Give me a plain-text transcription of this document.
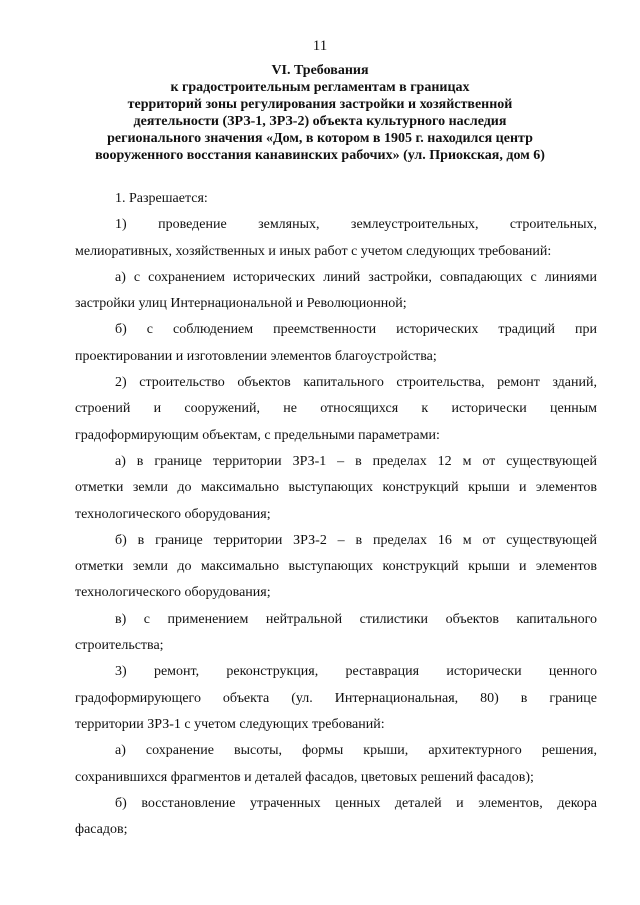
11
VI. Требования
к градостроительным регламентам в границах
территорий зоны регулирования застройки и хозяйственной
деятельности (ЗРЗ-1, ЗРЗ-2) объекта культурного наследия
регионального значения «Дом, в котором в 1905 г. находился центр
вооруженного восстания канавинских рабочих» (ул. Приокская, дом 6)
1. Разрешается:
1)   проведение   земляных,   землеустроительных,   строительных,
мелиоративных, хозяйственных и иных работ с учетом следующих требований:
а) с сохранением исторических линий застройки, совпадающих с линиями
застройки улиц Интернациональной и Революционной;
б)  с  соблюдением  преемственности  исторических  традиций  при
проектировании и изготовлении элементов благоустройства;
2) строительство объектов капитального строительства, ремонт зданий,
строений  и  сооружений,  не  относящихся  к  исторически  ценным
градоформирующим объектам, с предельными параметрами:
а) в границе территории ЗРЗ-1 – в пределах 12 м от существующей
отметки земли до максимально выступающих конструкций крыши и элементов
технологического оборудования;
б) в границе территории ЗРЗ-2 – в пределах 16 м от существующей
отметки земли до максимально выступающих конструкций крыши и элементов
технологического оборудования;
в)  с  применением  нейтральной  стилистики  объектов  капитального
строительства;
3)   ремонт,   реконструкция,   реставрация   исторически   ценного
градоформирующего  объекта  (ул.  Интернациональная,  80)  в  границе
территории ЗРЗ-1 с учетом следующих требований:
а)  сохранение  высоты,  формы  крыши,  архитектурного  решения,
сохранившихся фрагментов и деталей фасадов, цветовых решений фасадов);
б) восстановление утраченных ценных деталей и элементов, декора
фасадов;
